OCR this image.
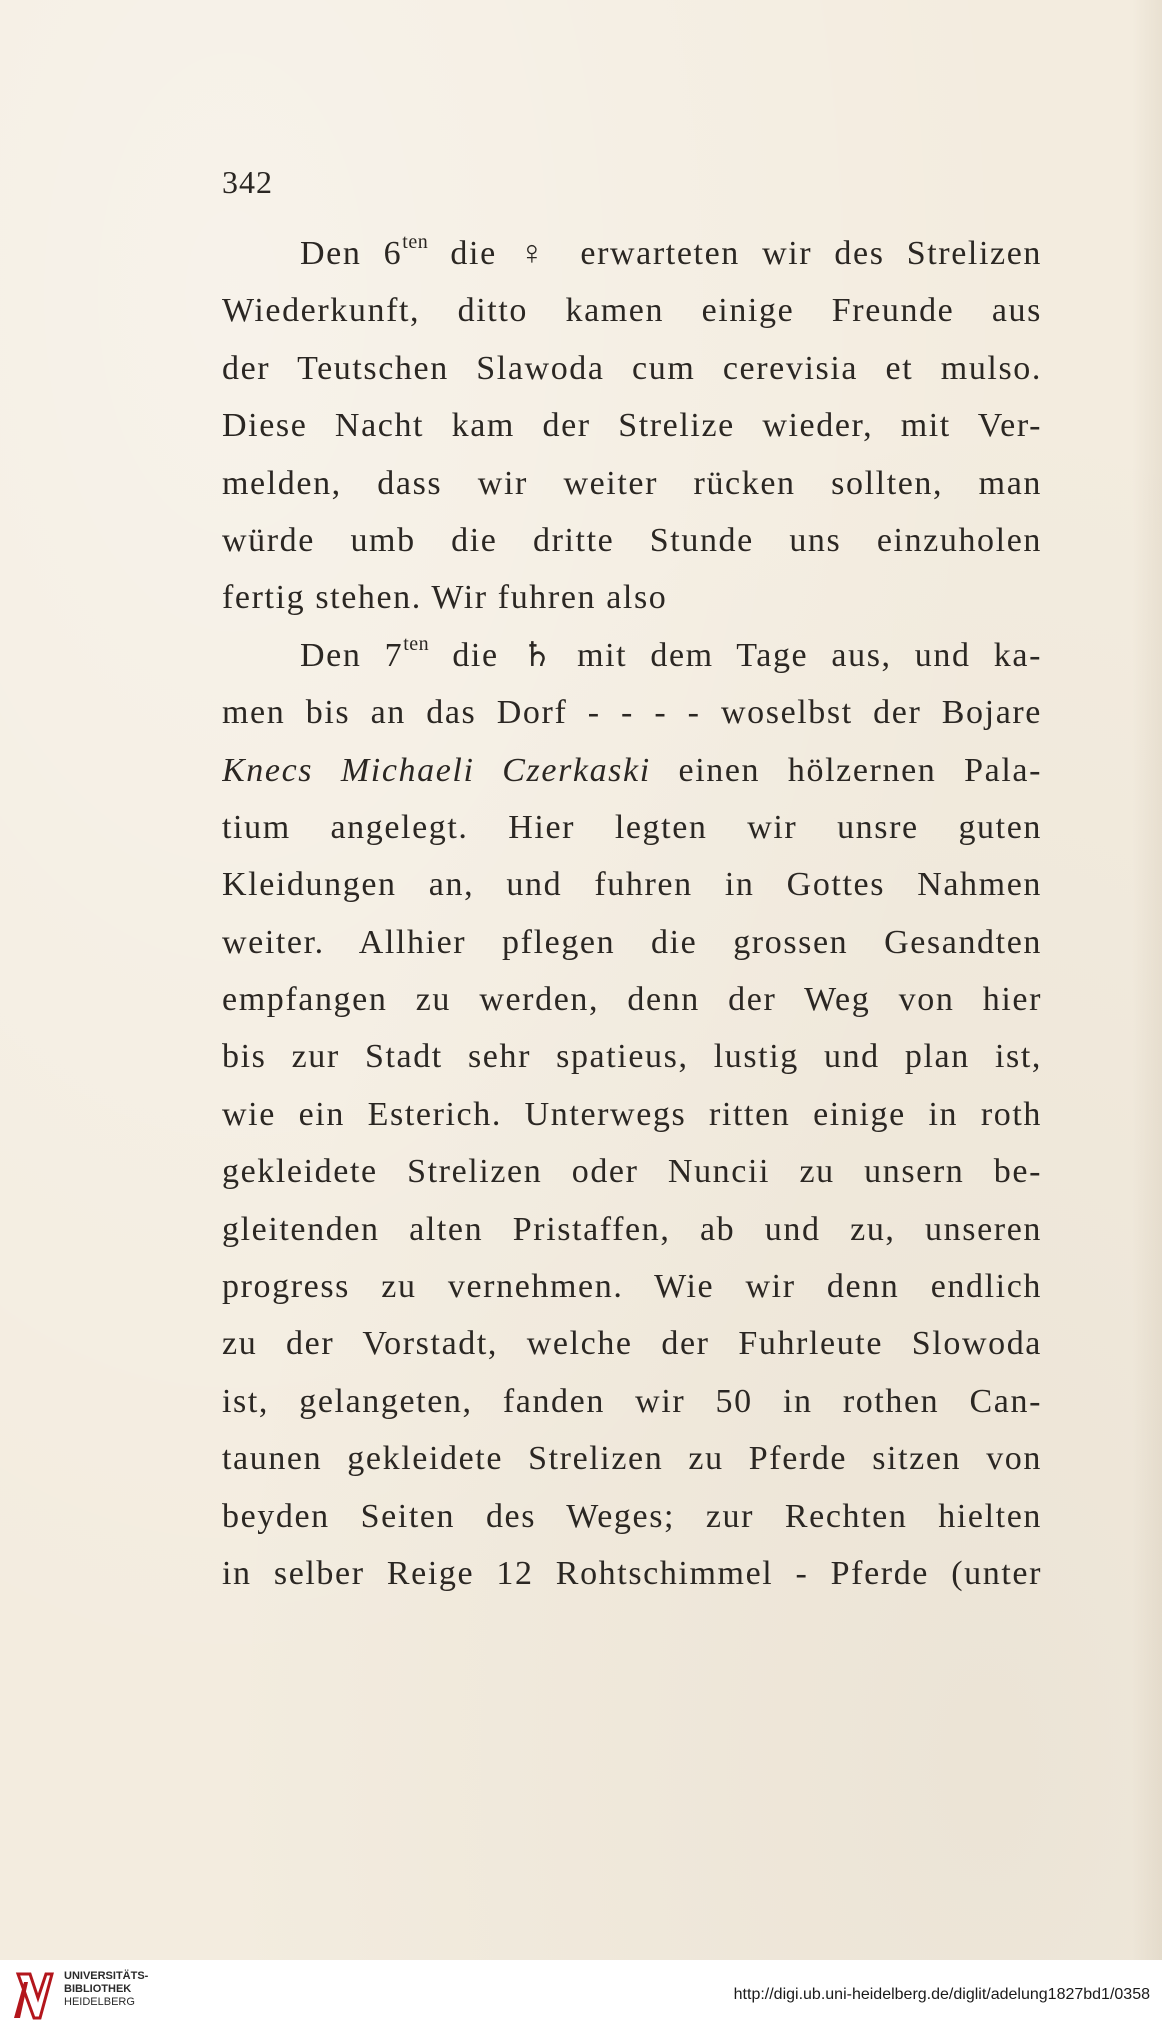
342
Den $6^{ten}$ die ♀ erwarteten wir des Strelizen
Wiederkunft, ditto kamen einige Freunde aus
der Teutschen Slawoda cum cerevisia et mulso.
Diese Nacht kam der Strelize wieder, mit Ver-
melden, dass wir weiter rücken sollten, man
würde umb die dritte Stunde uns einzuholen
fertig stehen. Wir fuhren also
Den $7^{ten}$ die ♄ mit dem Tage aus, und ka-
men bis an das Dorf - - - - woselbst der Bojare
Knecs Michaeli Czerkaski einen hölzernen Pala-
tium angelegt. Hier legten wir unsre guten
Kleidungen an, und fuhren in Gottes Nahmen
weiter. Allhier pflegen die grossen Gesandten
empfangen zu werden, denn der Weg von hier
bis zur Stadt sehr spatieus, lustig und plan ist,
wie ein Esterich. Unterwegs ritten einige in roth
gekleidete Strelizen oder Nuncii zu unsern be-
gleitenden alten Pristaffen, ab und zu, unseren
progress zu vernehmen. Wie wir denn endlich
zu der Vorstadt, welche der Fuhrleute Slowoda
ist, gelangeten, fanden wir 50 in rothen Can-
taunen gekleidete Strelizen zu Pferde sitzen von
beyden Seiten des Weges; zur Rechten hielten
in selber Reige 12 Rohtschimmel - Pferde (unter
UNIVERSITÄTS-
BIBLIOTHEK
HEIDELBERG	http://digi.ub.uni-heidelberg.de/diglit/adelung1827bd1/0358
